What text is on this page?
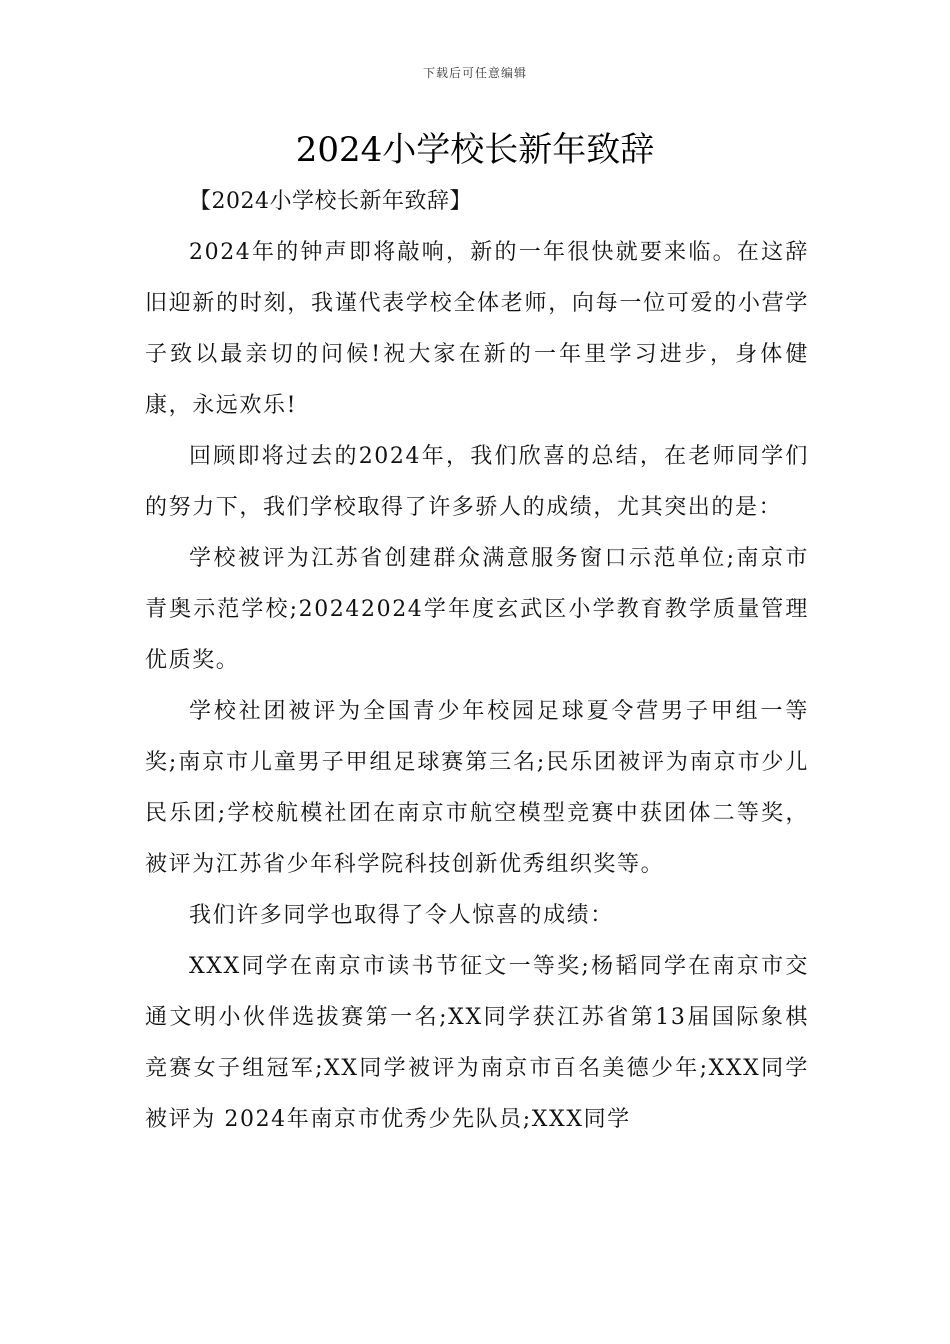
下载后可任意编辑
2024小学校长新年致辞

【2024小学校长新年致辞】

2024年的钟声即将敲响，新的一年很快就要来临。在这辞旧迎新的时刻，我谨代表学校全体老师，向每一位可爱的小营学子致以最亲切的问候!祝大家在新的一年里学习进步，身体健康，永远欢乐!

回顾即将过去的2024年，我们欣喜的总结，在老师同学们的努力下，我们学校取得了许多骄人的成绩，尤其突出的是：

学校被评为江苏省创建群众满意服务窗口示范单位;南京市青奥示范学校;20242024学年度玄武区小学教育教学质量管理优质奖。

学校社团被评为全国青少年校园足球夏令营男子甲组一等奖;南京市儿童男子甲组足球赛第三名;民乐团被评为南京市少儿民乐团;学校航模社团在南京市航空模型竞赛中获团体二等奖，被评为江苏省少年科学院科技创新优秀组织奖等。

我们许多同学也取得了令人惊喜的成绩：

XXX同学在南京市读书节征文一等奖;杨韬同学在南京市交通文明小伙伴选拔赛第一名;XX同学获江苏省第13届国际象棋竞赛女子组冠军;XX同学被评为南京市百名美德少年;XXX同学被评为 2024年南京市优秀少先队员;XXX同学
